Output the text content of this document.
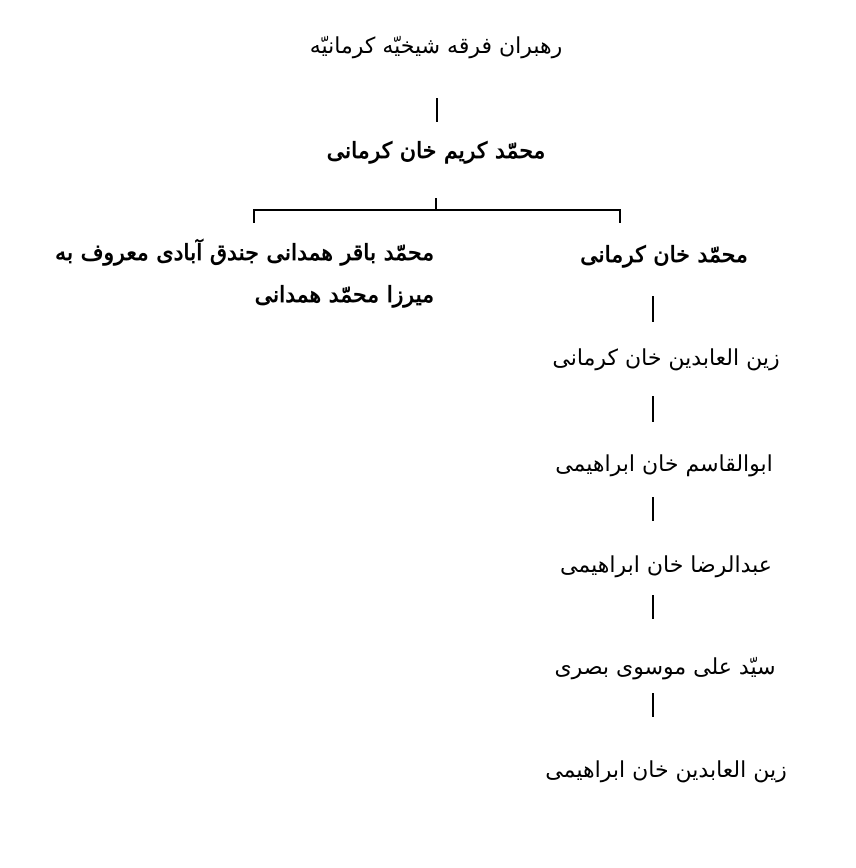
رهبران فرقه شیخیّه کرمانیّه
محمّد کریم خان کرمانی
محمّد باقر همدانی جندق آبادی معروف به
میرزا محمّد همدانی
محمّد خان کرمانی
زین العابدین خان کرمانی
ابوالقاسم خان ابراهیمی
عبدالرضا خان ابراهیمی
سیّد علی موسوی بصری
زین العابدین خان ابراهیمی
